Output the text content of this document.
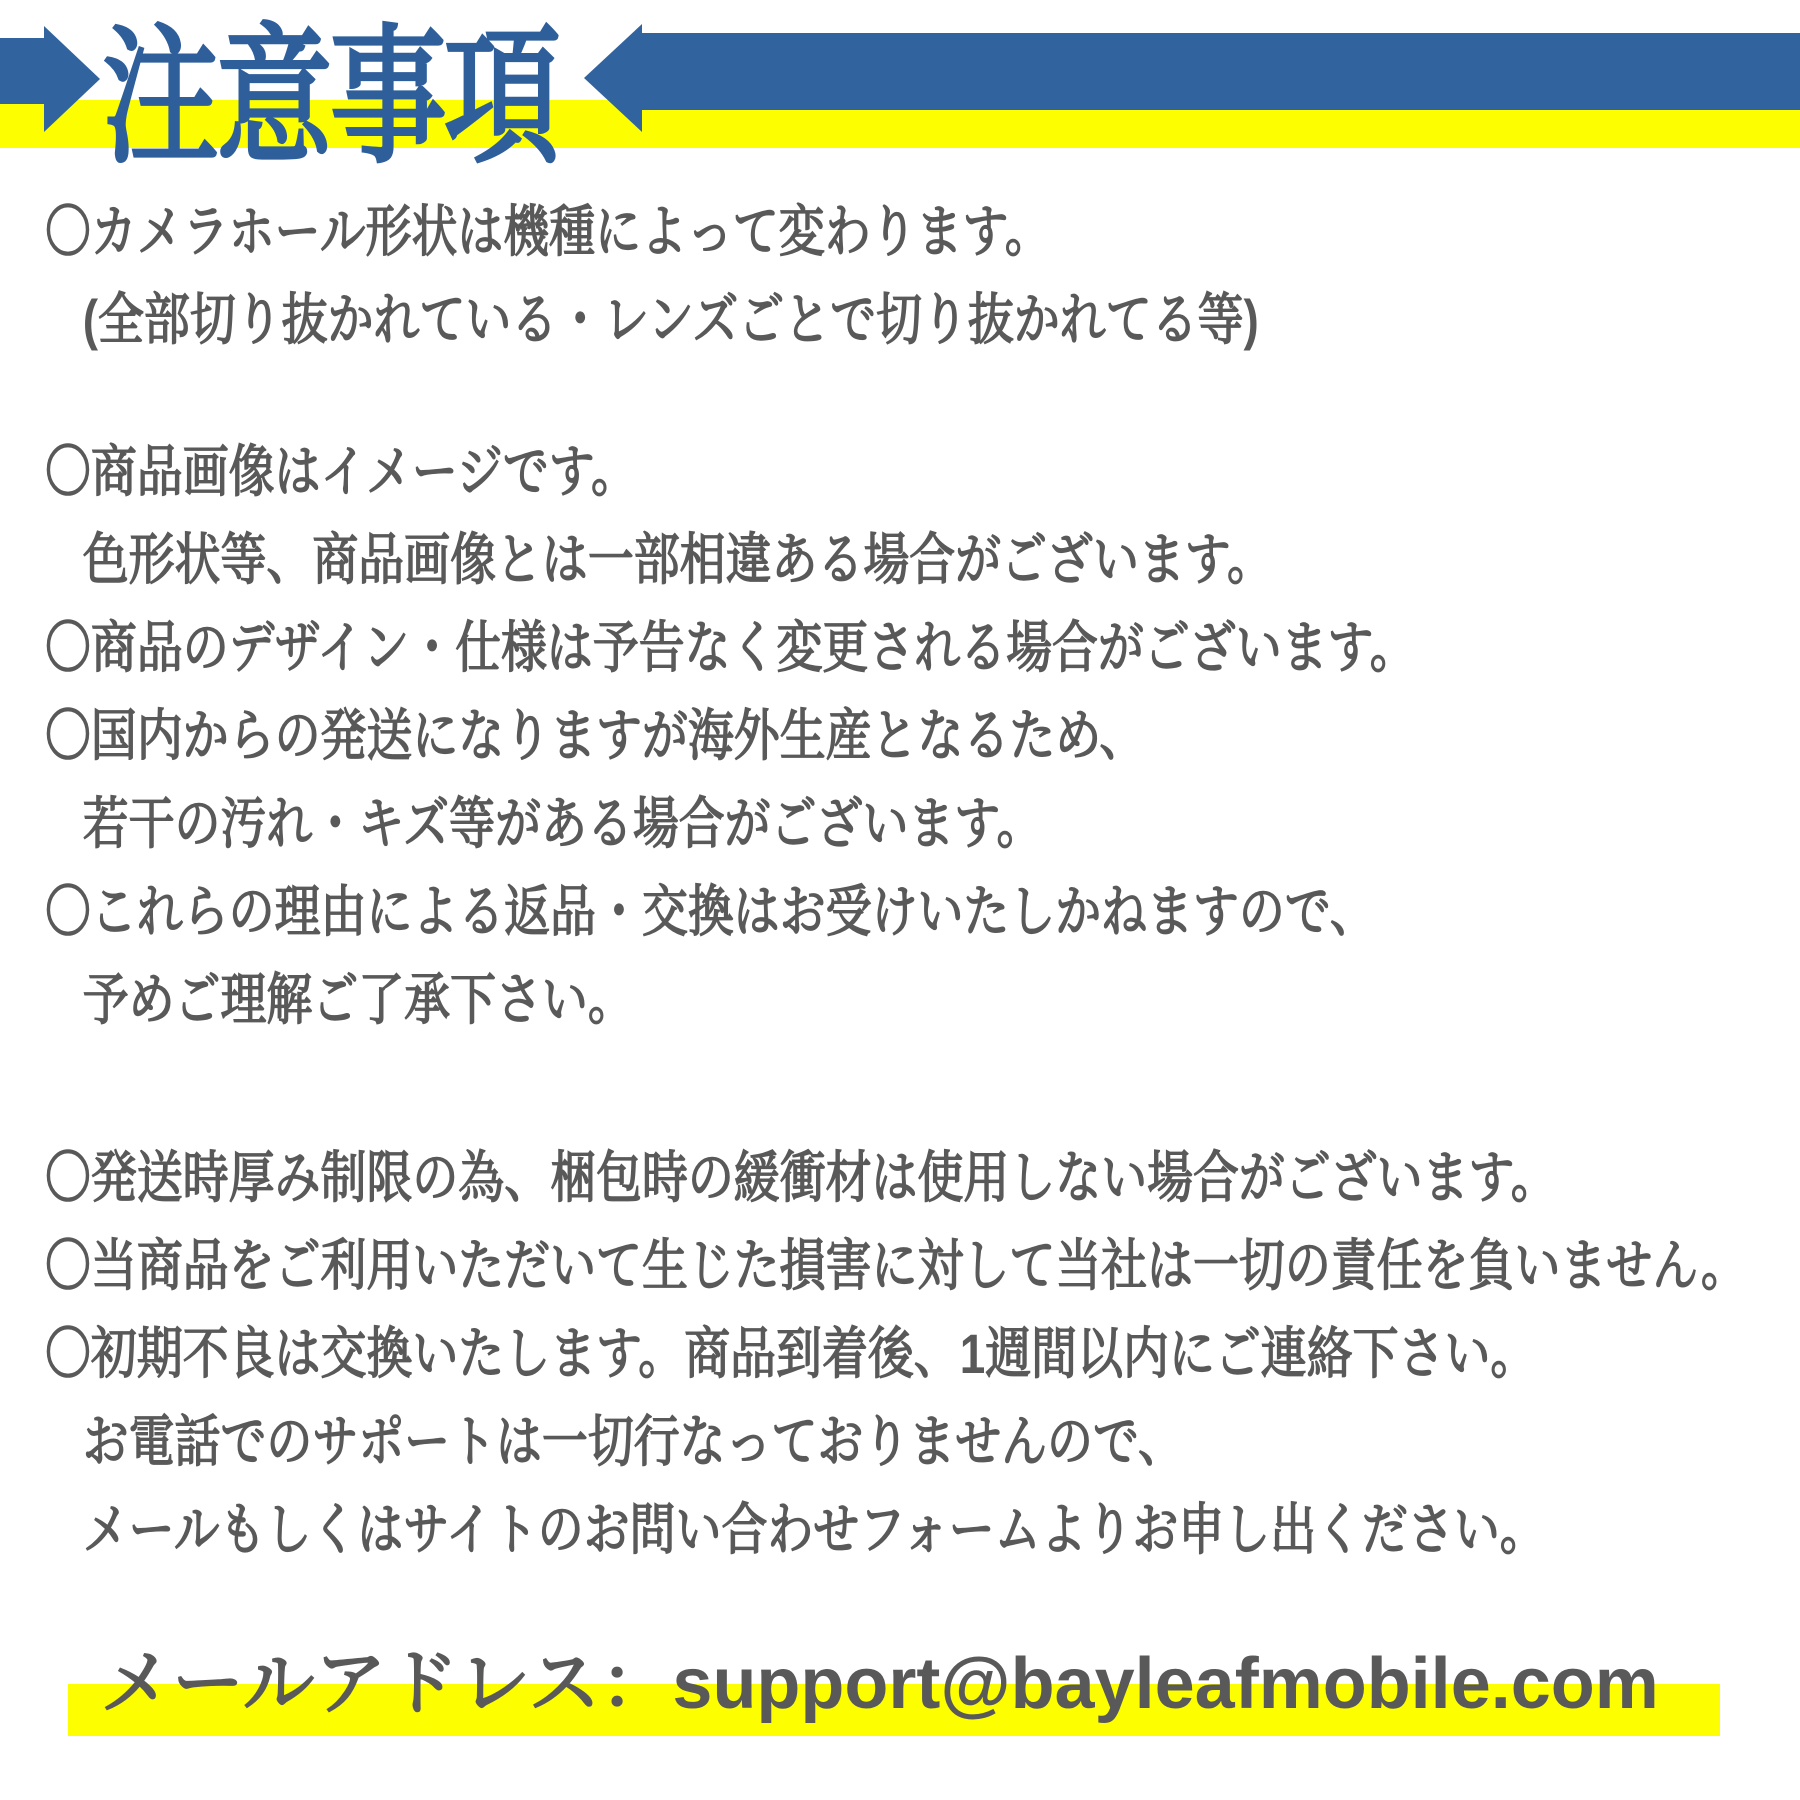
注意事項
〇カメラホール形状は機種によって変わります。
(全部切り抜かれている・レンズごとで切り抜かれてる等)
〇商品画像はイメージです。
色形状等、商品画像とは一部相違ある場合がございます。
〇商品のデザイン・仕様は予告なく変更される場合がございます。
〇国内からの発送になりますが海外生産となるため、
若干の汚れ・キズ等がある場合がございます。
〇これらの理由による返品・交換はお受けいたしかねますので、
予めご理解ご了承下さい。
〇発送時厚み制限の為、梱包時の緩衝材は使用しない場合がございます。
〇当商品をご利用いただいて生じた損害に対して当社は一切の責任を負いません。
〇初期不良は交換いたします。商品到着後、1週間以内にご連絡下さい。
お電話でのサポートは一切行なっておりませんので、
メールもしくはサイトのお問い合わせフォームよりお申し出ください。
メールアドレス：support@bayleafmobile.com
